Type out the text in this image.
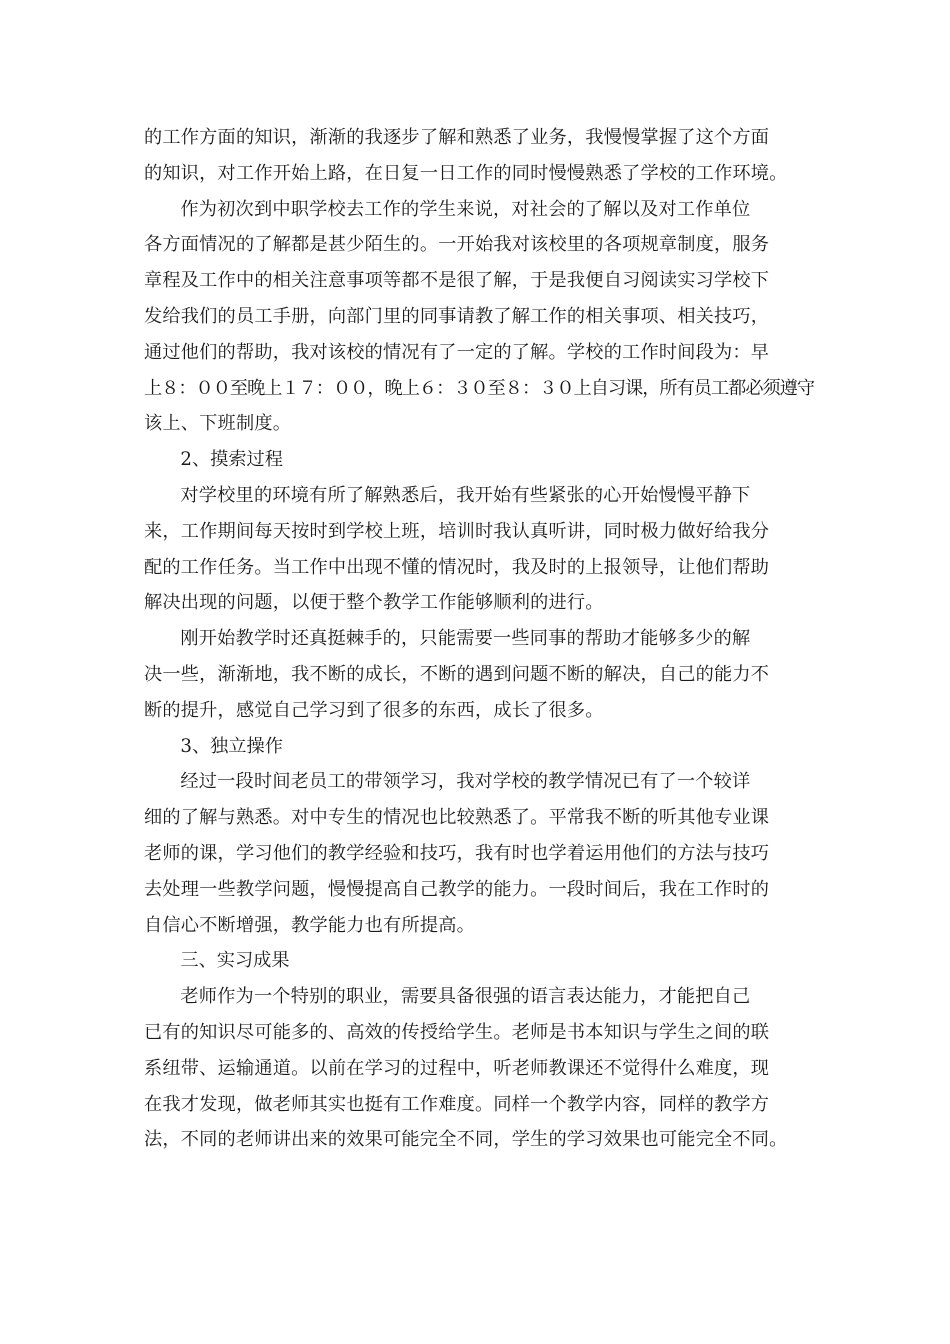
的工作方面的知识，渐渐的我逐步了解和熟悉了业务，我慢慢掌握了这个方面
的知识，对工作开始上路，在日复一日工作的同时慢慢熟悉了学校的工作环境。
作为初次到中职学校去工作的学生来说，对社会的了解以及对工作单位
各方面情况的了解都是甚少陌生的。一开始我对该校里的各项规章制度，服务
章程及工作中的相关注意事项等都不是很了解，于是我便自习阅读实习学校下
发给我们的员工手册，向部门里的同事请教了解工作的相关事项、相关技巧，
通过他们的帮助，我对该校的情况有了一定的了解。学校的工作时间段为：早
上８：００至晚上１７：００，晚上６：３０至８：３０上自习课，所有员工都必须遵守
该上、下班制度。
2、摸索过程
对学校里的环境有所了解熟悉后，我开始有些紧张的心开始慢慢平静下
来，工作期间每天按时到学校上班，培训时我认真听讲，同时极力做好给我分
配的工作任务。当工作中出现不懂的情况时，我及时的上报领导，让他们帮助
解决出现的问题，以便于整个教学工作能够顺利的进行。
刚开始教学时还真挺棘手的，只能需要一些同事的帮助才能够多少的解
决一些，渐渐地，我不断的成长，不断的遇到问题不断的解决，自己的能力不
断的提升，感觉自己学习到了很多的东西，成长了很多。
3、独立操作
经过一段时间老员工的带领学习，我对学校的教学情况已有了一个较详
细的了解与熟悉。对中专生的情况也比较熟悉了。平常我不断的听其他专业课
老师的课，学习他们的教学经验和技巧，我有时也学着运用他们的方法与技巧
去处理一些教学问题，慢慢提高自己教学的能力。一段时间后，我在工作时的
自信心不断增强，教学能力也有所提高。
三、实习成果
老师作为一个特别的职业，需要具备很强的语言表达能力，才能把自己
已有的知识尽可能多的、高效的传授给学生。老师是书本知识与学生之间的联
系纽带、运输通道。以前在学习的过程中，听老师教课还不觉得什么难度，现
在我才发现，做老师其实也挺有工作难度。同样一个教学内容，同样的教学方
法，不同的老师讲出来的效果可能完全不同，学生的学习效果也可能完全不同。
